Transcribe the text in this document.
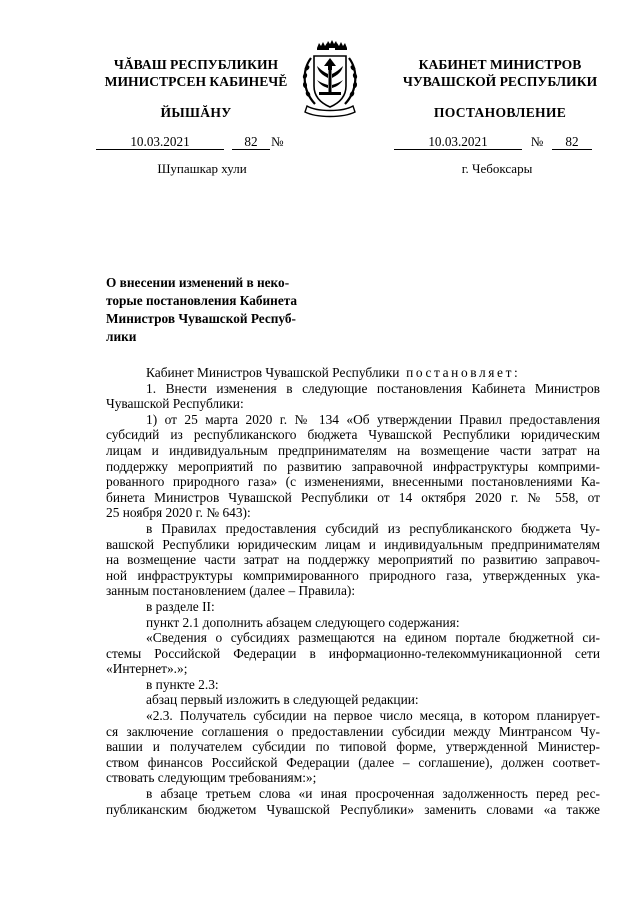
ЧĂВАШ РЕСПУБЛИКИН
МИНИСТРСЕН КАБИНЕЧĚ
ЙЫШĂНУ
КАБИНЕТ МИНИСТРОВ
ЧУВАШСКОЙ РЕСПУБЛИКИ
ПОСТАНОВЛЕНИЕ
10.03.2021	82 №	10.03.2021	№ 82
Шупашкар хули	г. Чебоксары
О внесении изменений в неко-
торые постановления Кабинета
Министров Чувашской Респуб-
лики
Кабинет Министров Чувашской Республики постановляет:
1. Внести изменения в следующие постановления Кабинета Министров
Чувашской Республики:
1) от 25 марта 2020 г. № 134 «Об утверждении Правил предоставления
субсидий из республиканского бюджета Чувашской Республики юридическим
лицам и индивидуальным предпринимателям на возмещение части затрат на
поддержку мероприятий по развитию заправочной инфраструктуры комприми-
рованного природного газа» (с изменениями, внесенными постановлениями Ка-
бинета Министров Чувашской Республики от 14 октября 2020 г. № 558, от
25 ноября 2020 г. № 643):
в Правилах предоставления субсидий из республиканского бюджета Чу-
вашской Республики юридическим лицам и индивидуальным предпринимателям
на возмещение части затрат на поддержку мероприятий по развитию заправоч-
ной инфраструктуры компримированного природного газа, утвержденных ука-
занным постановлением (далее – Правила):
в разделе II:
пункт 2.1 дополнить абзацем следующего содержания:
«Сведения о субсидиях размещаются на едином портале бюджетной си-
стемы Российской Федерации в информационно-телекоммуникационной сети
«Интернет».»;
в пункте 2.3:
абзац первый изложить в следующей редакции:
«2.3. Получатель субсидии на первое число месяца, в котором планирует-
ся заключение соглашения о предоставлении субсидии между Минтрансом Чу-
вашии и получателем субсидии по типовой форме, утвержденной Министер-
ством финансов Российской Федерации (далее – соглашение), должен соответ-
ствовать следующим требованиям:»;
в абзаце третьем слова «и иная просроченная задолженность перед рес-
публиканским бюджетом Чувашской Республики» заменить словами «а также
